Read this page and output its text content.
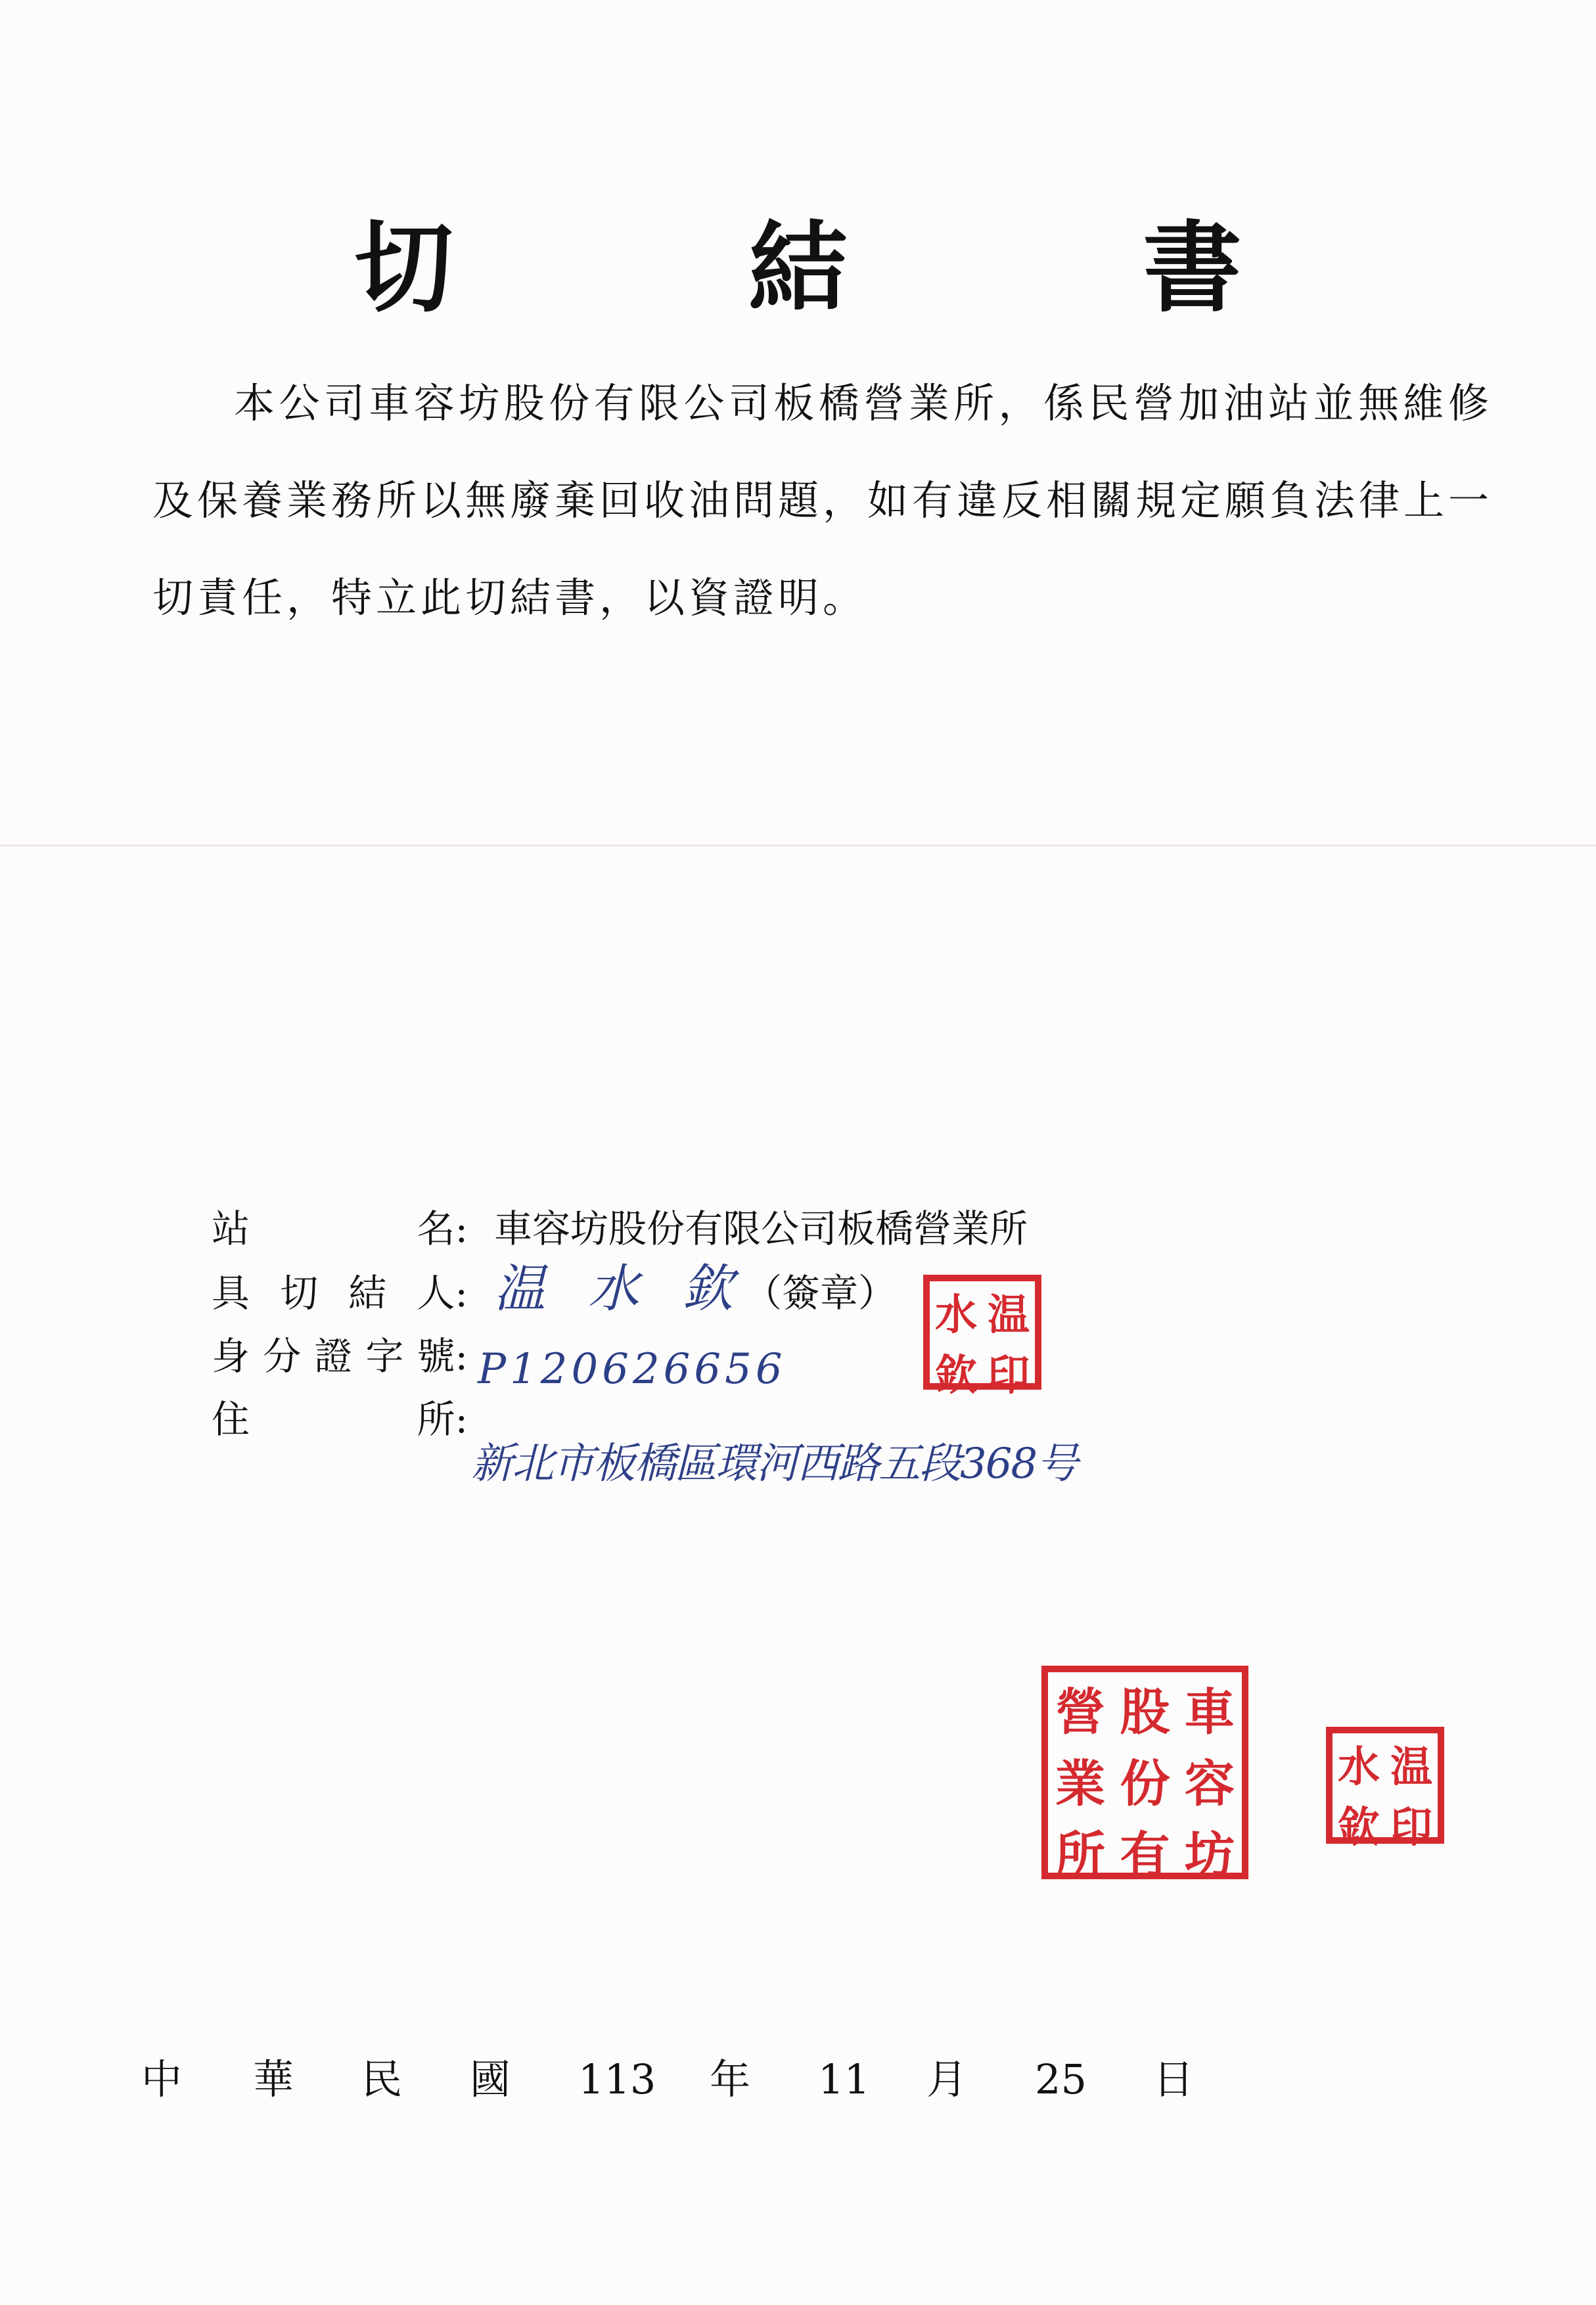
切　結　書
本公司車容坊股份有限公司板橋營業所，係民營加油站並無維修及保養業務所以無廢棄回收油問題，如有違反相關規定願負法律上一切責任，特立此切結書，以資證明。
站	名: 車容坊股份有限公司板橋營業所
具 切 結 人: 温 水 欽
（簽章）
身 分 證 字 號: P120626656
住	所:
新北市板橋區環河西路五段368号
水 温
欽 印
營 股 車
業 份 容
所 有 坊
水 温
欽 印
中 華 民 國 113 年 11 月 25 日
